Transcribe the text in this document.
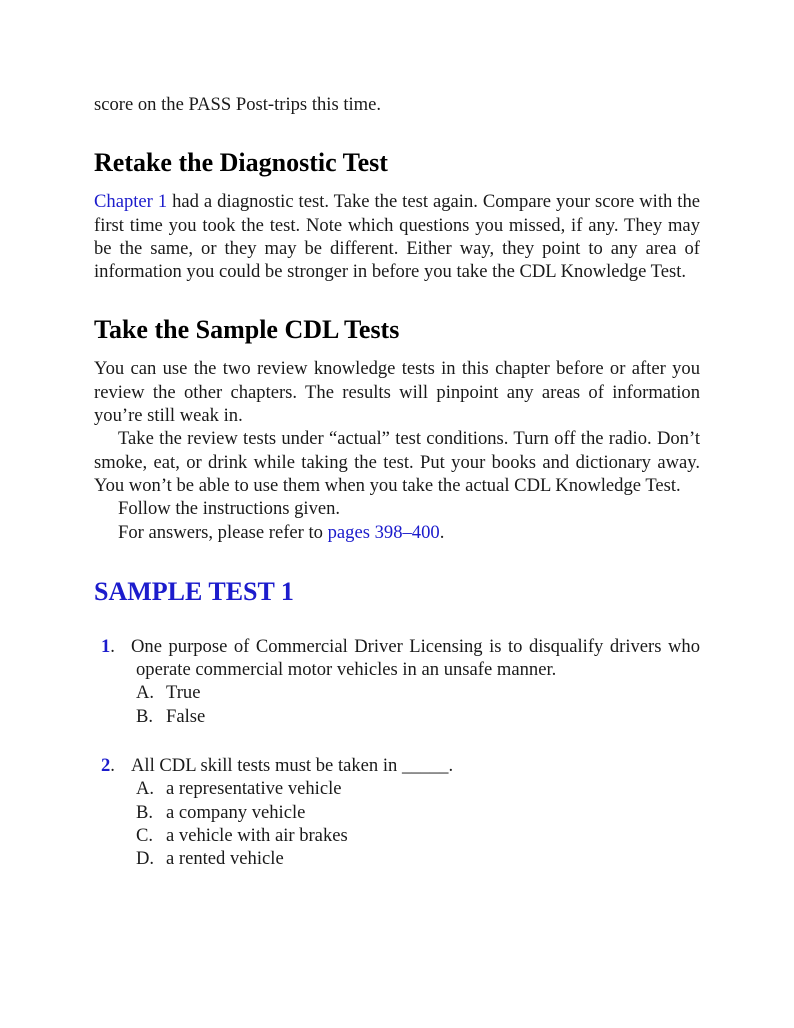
score on the PASS Post-trips this time.

Retake the Diagnostic Test

Chapter 1 had a diagnostic test. Take the test again. Compare your score with the first time you took the test. Note which questions you missed, if any. They may be the same, or they may be different. Either way, they point to any area of information you could be stronger in before you take the CDL Knowledge Test.

Take the Sample CDL Tests

You can use the two review knowledge tests in this chapter before or after you review the other chapters. The results will pinpoint any areas of information you’re still weak in.

Take the review tests under “actual” test conditions. Turn off the radio. Don’t smoke, eat, or drink while taking the test. Put your books and dictionary away. You won’t be able to use them when you take the actual CDL Knowledge Test.

Follow the instructions given.

For answers, please refer to pages 398–400.

SAMPLE TEST 1
1. One purpose of Commercial Driver Licensing is to disqualify drivers who operate commercial motor vehicles in an unsafe manner.
A. True
B. False
2. All CDL skill tests must be taken in _____.
A. a representative vehicle
B. a company vehicle
C. a vehicle with air brakes
D. a rented vehicle
